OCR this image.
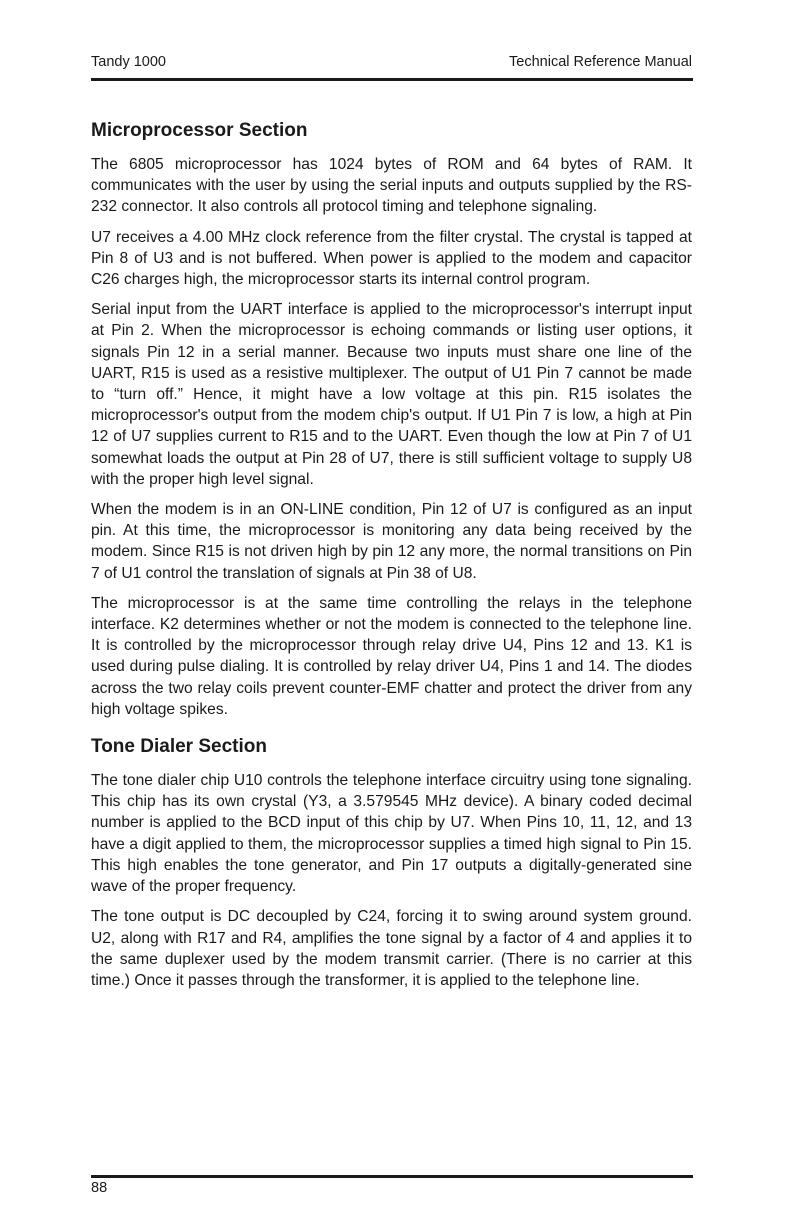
Tandy 1000	Technical Reference Manual
Microprocessor Section

The 6805 microprocessor has 1024 bytes of ROM and 64 bytes of RAM. It communicates with the user by using the serial inputs and outputs supplied by the RS-232 connector. It also controls all protocol timing and telephone signaling.

U7 receives a 4.00 MHz clock reference from the filter crystal. The crystal is tapped at Pin 8 of U3 and is not buffered. When power is applied to the modem and capacitor C26 charges high, the microprocessor starts its internal control program.

Serial input from the UART interface is applied to the microprocessor's interrupt input at Pin 2. When the microprocessor is echoing commands or listing user options, it signals Pin 12 in a serial manner. Because two inputs must share one line of the UART, R15 is used as a resistive multiplexer. The output of U1 Pin 7 cannot be made to “turn off.” Hence, it might have a low voltage at this pin. R15 isolates the microprocessor's output from the modem chip's output. If U1 Pin 7 is low, a high at Pin 12 of U7 supplies current to R15 and to the UART. Even though the low at Pin 7 of U1 somewhat loads the output at Pin 28 of U7, there is still sufficient voltage to supply U8 with the proper high level signal.

When the modem is in an ON-LINE condition, Pin 12 of U7 is configured as an input pin. At this time, the microprocessor is monitoring any data being received by the modem. Since R15 is not driven high by pin 12 any more, the normal transitions on Pin 7 of U1 control the translation of signals at Pin 38 of U8.

The microprocessor is at the same time controlling the relays in the telephone interface. K2 determines whether or not the modem is connected to the telephone line. It is controlled by the microprocessor through relay drive U4, Pins 12 and 13. K1 is used during pulse dialing. It is controlled by relay driver U4, Pins 1 and 14. The diodes across the two relay coils prevent counter-EMF chatter and protect the driver from any high voltage spikes.

Tone Dialer Section

The tone dialer chip U10 controls the telephone interface circuitry using tone signaling. This chip has its own crystal (Y3, a 3.579545 MHz device). A binary coded decimal number is applied to the BCD input of this chip by U7. When Pins 10, 11, 12, and 13 have a digit applied to them, the microprocessor supplies a timed high signal to Pin 15. This high enables the tone generator, and Pin 17 outputs a digitally-generated sine wave of the proper frequency.

The tone output is DC decoupled by C24, forcing it to swing around system ground. U2, along with R17 and R4, amplifies the tone signal by a factor of 4 and applies it to the same duplexer used by the modem transmit carrier. (There is no carrier at this time.) Once it passes through the transformer, it is applied to the telephone line.

88
